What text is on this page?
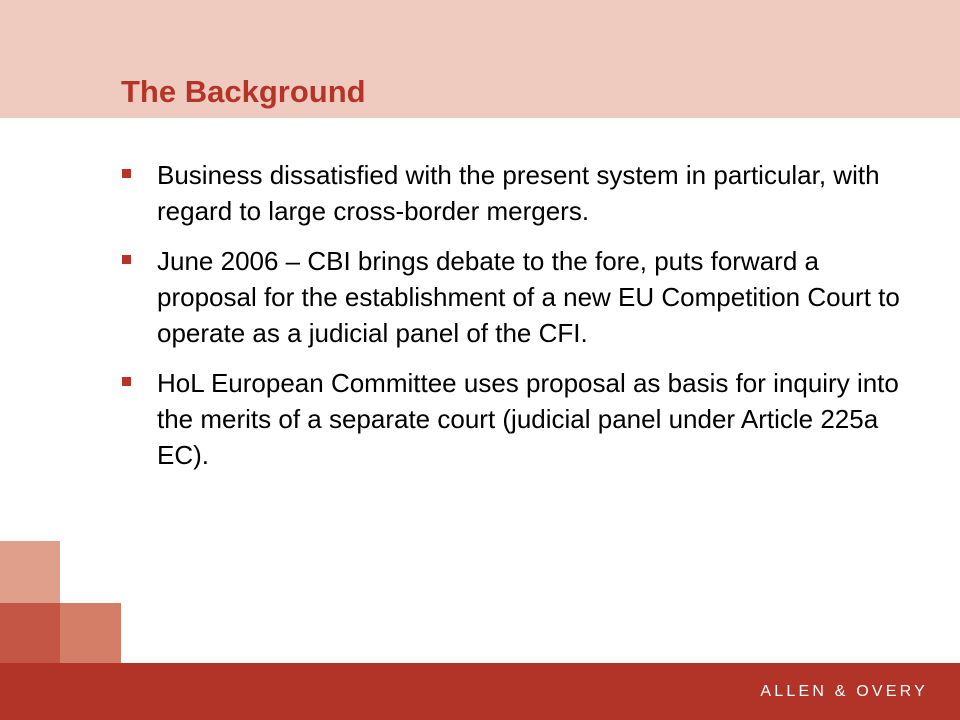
The Background
Business dissatisfied with the present system in particular, with regard to large cross-border mergers.
June 2006 – CBI brings debate to the fore, puts forward a proposal for the establishment of a new EU Competition Court to operate as a judicial panel of the CFI.
HoL European Committee uses proposal as basis for inquiry into the merits of a separate court (judicial panel under Article 225a EC).
ALLEN & OVERY
